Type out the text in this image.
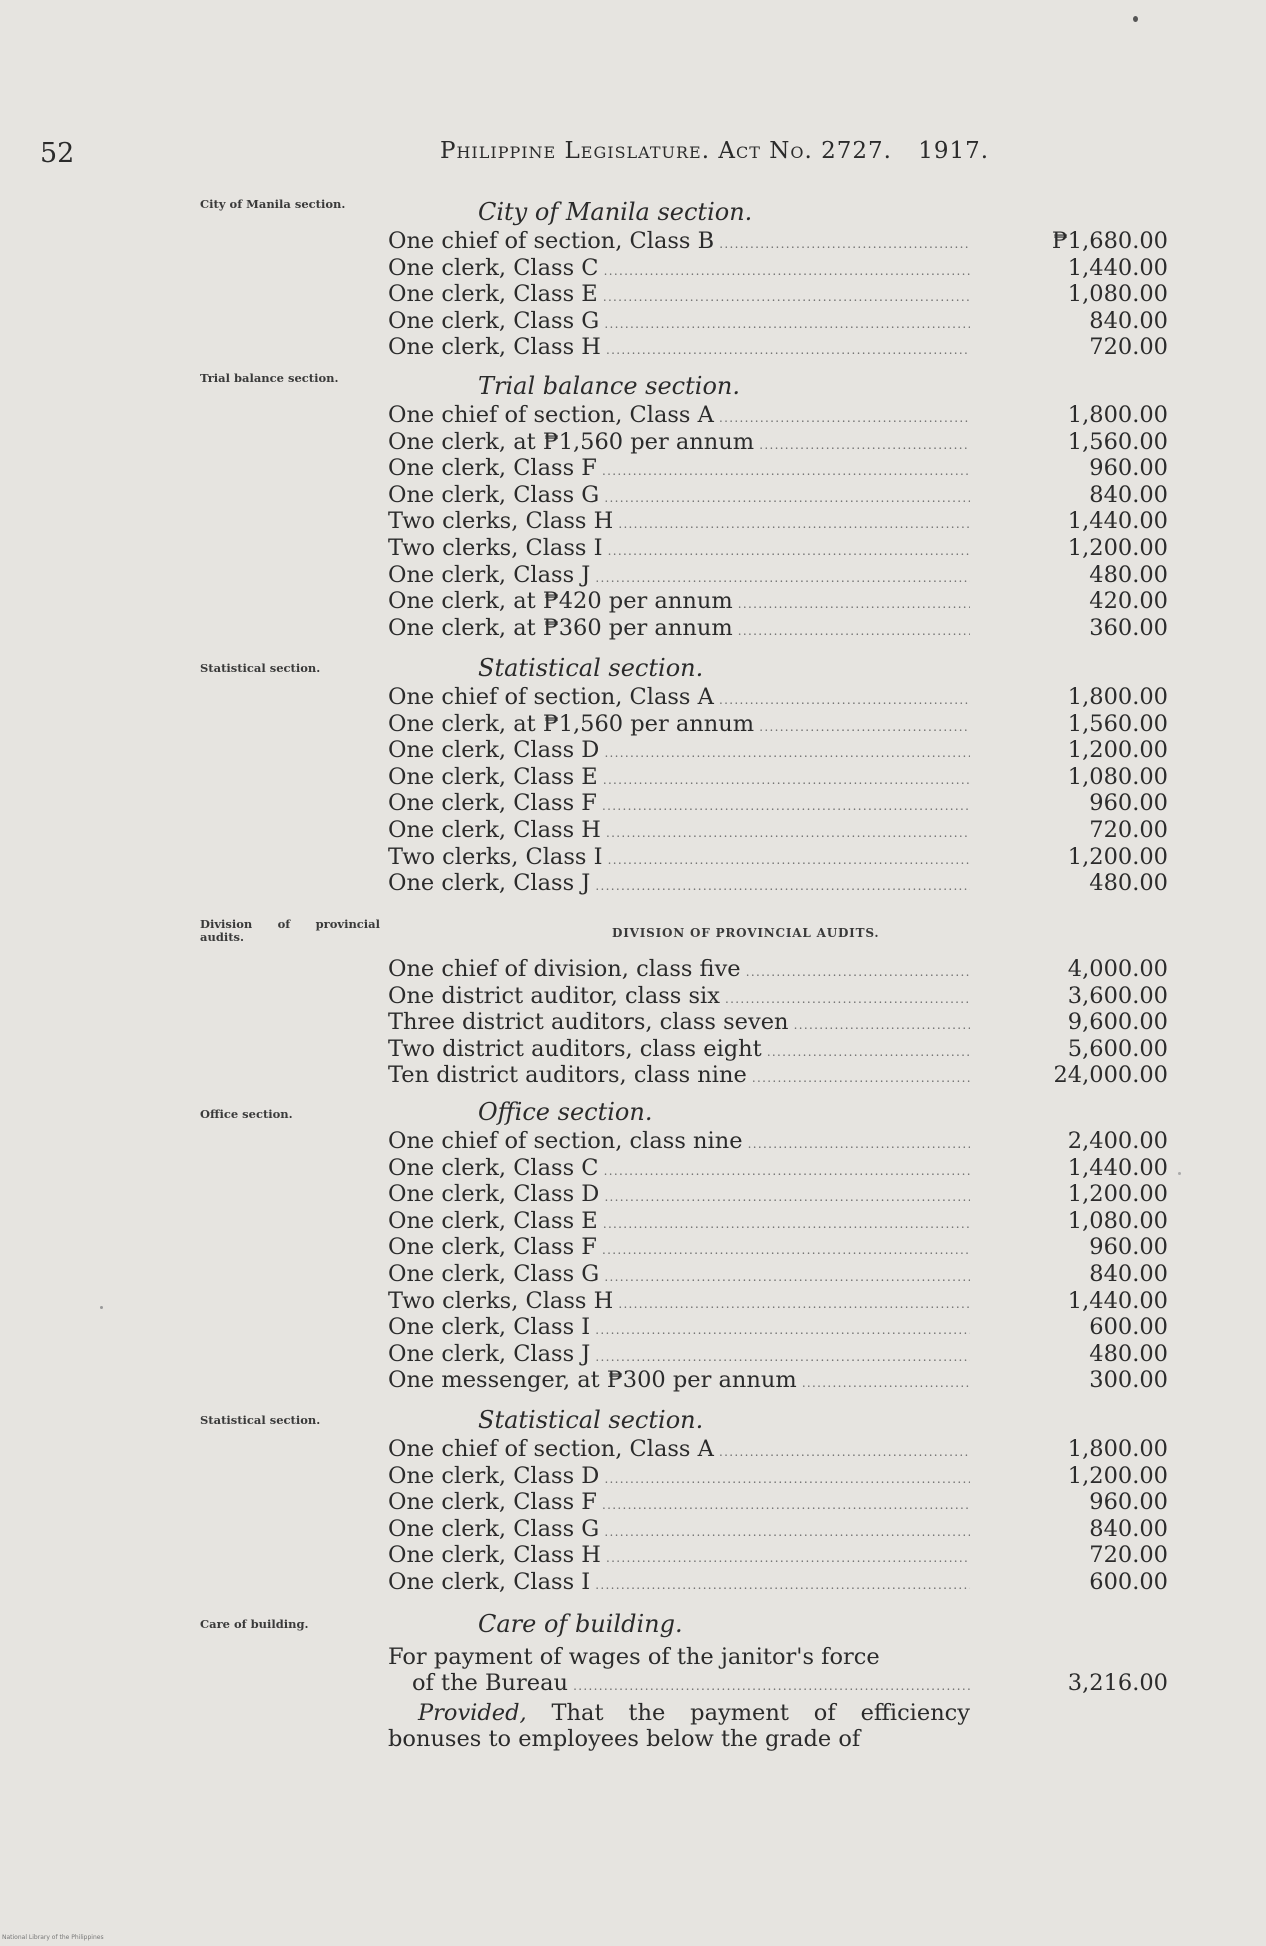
52	Philippine Legislature. Act No. 2727. 1917.
City of Manila section.	City of Manila section.
One chief of section, Class B .....	₱1,680.00
One clerk, Class C .....	1,440.00
One clerk, Class E .....	1,080.00
One clerk, Class G .....	840.00
One clerk, Class H .....	720.00
Trial balance section.	Trial balance section.
One chief of section, Class A .....	1,800.00
One clerk, at ₱1,560 per annum .....	1,560.00
One clerk, Class F .....	960.00
One clerk, Class G .....	840.00
Two clerks, Class H .....	1,440.00
Two clerks, Class I .....	1,200.00
One clerk, Class J .....	480.00
One clerk, at ₱420 per annum .....	420.00
One clerk, at ₱360 per annum .....	360.00
Statistical section.	Statistical section.
One chief of section, Class A .....	1,800.00
One clerk, at ₱1,560 per annum .....	1,560.00
One clerk, Class D .....	1,200.00
One clerk, Class E .....	1,080.00
One clerk, Class F .....	960.00
One clerk, Class H .....	720.00
Two clerks, Class I .....	1,200.00
One clerk, Class J .....	480.00
Division of provincial audits.	DIVISION OF PROVINCIAL AUDITS.
One chief of division, class five .....	4,000.00
One district auditor, class six .....	3,600.00
Three district auditors, class seven .....	9,600.00
Two district auditors, class eight .....	5,600.00
Ten district auditors, class nine .....	24,000.00
Office section.	Office section.
One chief of section, class nine .....	2,400.00
One clerk, Class C .....	1,440.00
One clerk, Class D .....	1,200.00
One clerk, Class E .....	1,080.00
One clerk, Class F .....	960.00
One clerk, Class G .....	840.00
Two clerks, Class H .....	1,440.00
One clerk, Class I .....	600.00
One clerk, Class J .....	480.00
One messenger, at ₱300 per annum .....	300.00
Statistical section.	Statistical section.
One chief of section, Class A .....	1,800.00
One clerk, Class D .....	1,200.00
One clerk, Class F .....	960.00
One clerk, Class G .....	840.00
One clerk, Class H .....	720.00
One clerk, Class I .....	600.00
Care of building.	Care of building.
For payment of wages of the janitor's force
of the Bureau .....	3,216.00

Provided, That the payment of efficiency bonuses to employees below the grade of

National Library of the Philippines
